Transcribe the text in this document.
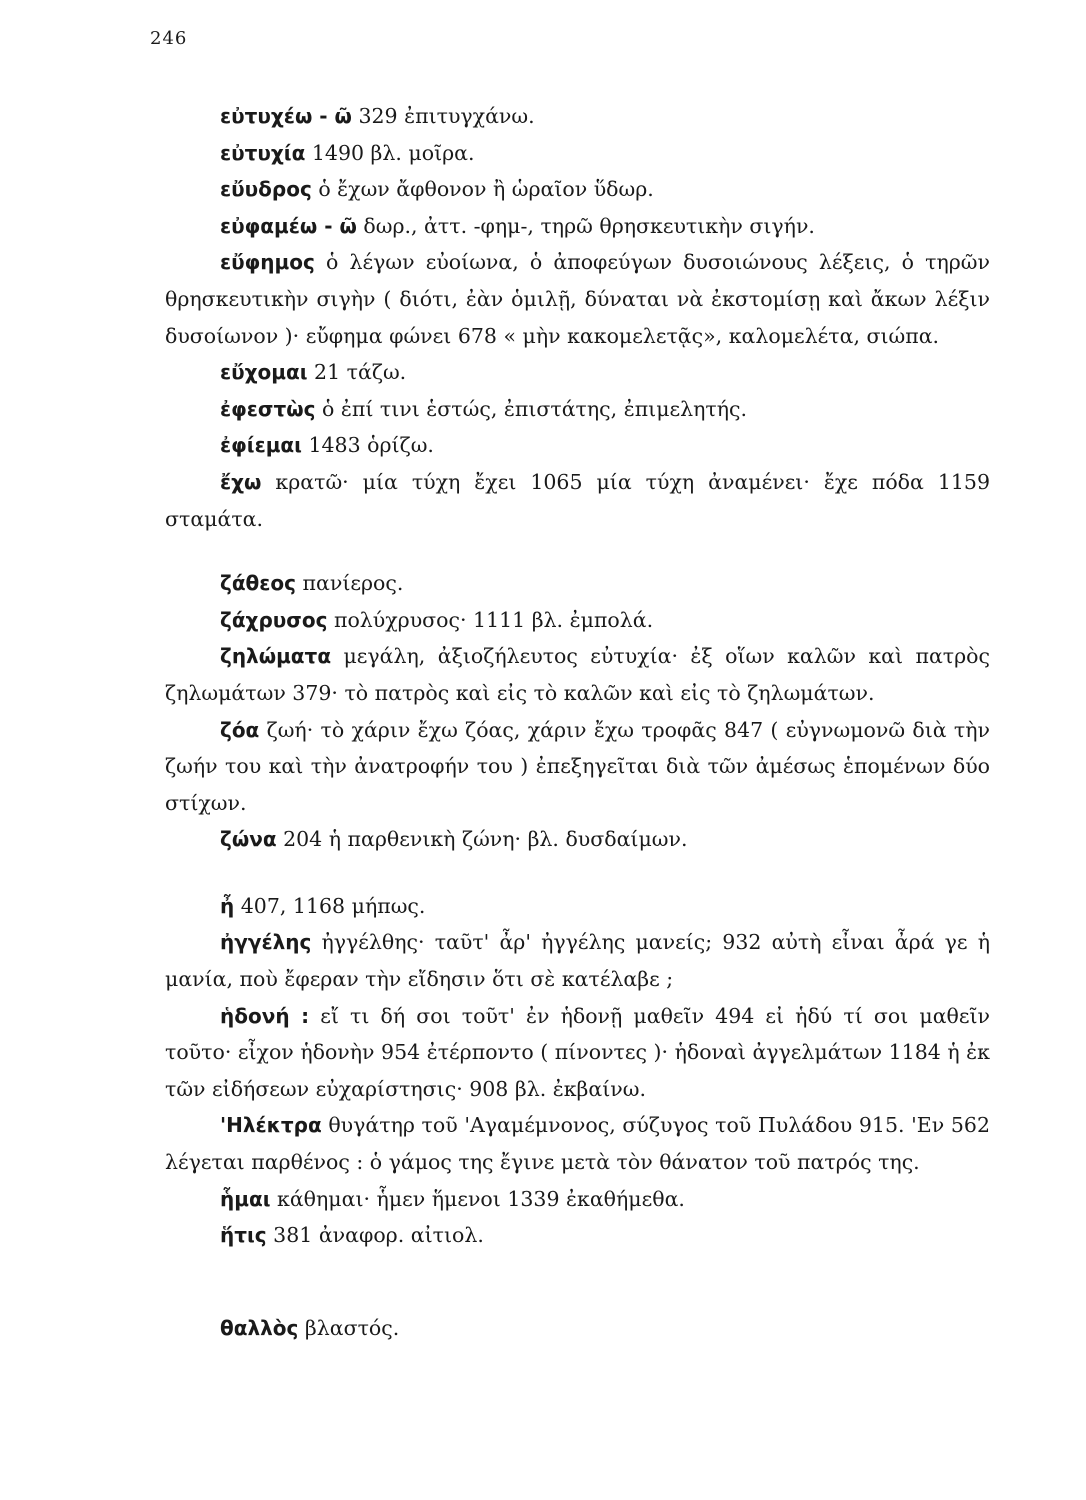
246

εὐτυχέω - ῶ 329 ἐπιτυγχάνω.

εὐτυχία 1490 βλ. μοῖρα.

εὔυδρος ὁ ἔχων ἄφθονον ἢ ὡραῖον ὕδωρ.

εὐφαμέω - ῶ δωρ., ἀττ. -φημ-, τηρῶ θρησκευτικὴν σιγήν.

εὔφημος ὁ λέγων εὐοίωνα, ὁ ἀποφεύγων δυσοιώνους λέξεις, ὁ τηρῶν θρησκευτικὴν σιγὴν ( διότι, ἐὰν ὁμιλῇ, δύναται νὰ ἐκστομίσῃ καὶ ἄκων λέξιν δυσοίωνον )· εὔφημα φώνει 678 « μὴν κακομελετᾷς», καλομελέτα, σιώπα.

εὔχομαι 21 τάζω.

ἐφεστὼς ὁ ἐπί τινι ἑστώς, ἐπιστάτης, ἐπιμελητής.

ἐφίεμαι 1483 ὁρίζω.

ἔχω κρατῶ· μία τύχη ἔχει 1065 μία τύχη ἀναμένει· ἔχε πόδα 1159 σταμάτα.

ζάθεος πανίερος.

ζάχρυσος πολύχρυσος· 1111 βλ. ἐμπολά.

ζηλώματα μεγάλη, ἀξιοζήλευτος εὐτυχία· ἐξ οἵων καλῶν καὶ πατρὸς ζηλωμάτων 379· τὸ πατρὸς καὶ εἰς τὸ καλῶν καὶ εἰς τὸ ζηλωμάτων.

ζόα ζωή· τὸ χάριν ἔχω ζόας, χάριν ἔχω τροφᾶς 847 ( εὐγνωμονῶ διὰ τὴν ζωήν του καὶ τὴν ἀνατροφήν του ) ἐπεξηγεῖται διὰ τῶν ἀμέσως ἑπομένων δύο στίχων.

ζώνα 204 ἡ παρθενικὴ ζώνη· βλ. δυσδαίμων.

ἦ 407, 1168 μήπως.

ἠγγέλης ἠγγέλθης· ταῦτ' ἆρ' ἠγγέλης μανείς; 932 αὐτὴ εἶναι ἆρά γε ἡ μανία, ποὺ ἔφεραν τὴν εἴδησιν ὅτι σὲ κατέλαβε ;

ἡδονή : εἴ τι δή σοι τοῦτ' ἐν ἡδονῇ μαθεῖν 494 εἰ ἡδύ τί σοι μαθεῖν τοῦτο· εἶχον ἡδονὴν 954 ἐτέρποντο ( πίνοντες )· ἡδοναὶ ἀγγελμάτων 1184 ἡ ἐκ τῶν εἰδήσεων εὐχαρίστησις· 908 βλ. ἐκβαίνω.

'Ηλέκτρα θυγάτηρ τοῦ 'Αγαμέμνονος, σύζυγος τοῦ Πυλάδου 915. 'Εν 562 λέγεται παρθένος : ὁ γάμος της ἔγινε μετὰ τὸν θάνατον τοῦ πατρός της.

ἧμαι κάθημαι· ἧμεν ἥμενοι 1339 ἐκαθήμεθα.

ἥτις 381 ἀναφορ. αἰτιολ.

θαλλὸς βλαστός.
